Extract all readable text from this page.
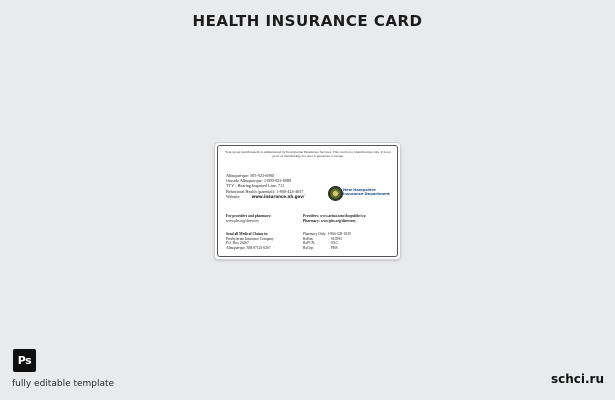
HEALTH INSURANCE CARD
Your group health benefit is administered by Presbyterian Healthcare Services. This card is for identification only. It is not proof of membership nor does it guarantee coverage.
Albuquerque: 505-923-6980
Outside Albuquerque: 1-800-923-6980
TTY - Hearing Impaired Line: 711
Behavioral Health (parental): 1-800-424-4657
Website:	www.insurance.nh.gov/
New Hampshire
Insurance Department
For providers and pharmacy:
www.phs.org/directory
Providers: www.aetna.com/docpublic/wa
Pharmacy: www.phs.org/directory
Send all Medical Claims to:
Presbyterian Insurance Company
P.O. Box 26267
Albuquerque, NM 87125-6267
Pharmacy Only: 1-866-328-1829
RxBin:	610593
RxPCN:	SXC
RxGrp:	PHS
Ps
fully editable template	schci.ru
